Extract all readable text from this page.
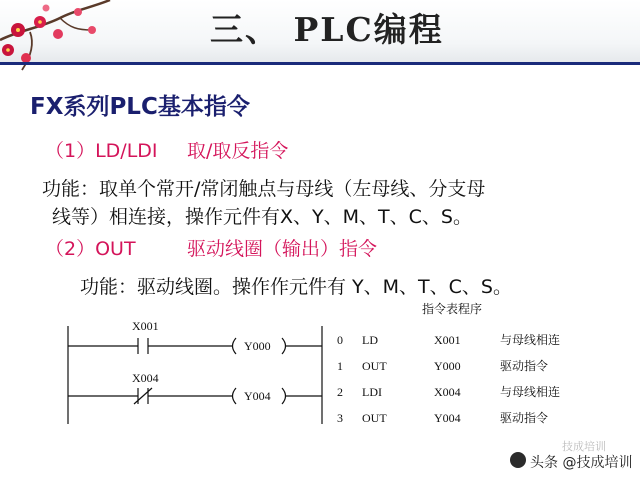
三、 PLC编程
FX系列PLC基本指令
（1）LD/LDI 取/取反指令
功能：取单个常开/常闭触点与母线（左母线、分支母
线等）相连接，操作元件有X、Y、M、T、C、S。
（2）OUT	驱动线圈（输出）指令
功能：驱动线圈。操作作元件有 Y、M、T、C、S。
X001
Y000
X004
Y004
指令表程序
0 LD	X001	与母线相连
1 OUT	Y000	驱动指令
2 LDI	X004	与母线相连
3 OUT	Y004	驱动指令
技成培训
头条 @技成培训
